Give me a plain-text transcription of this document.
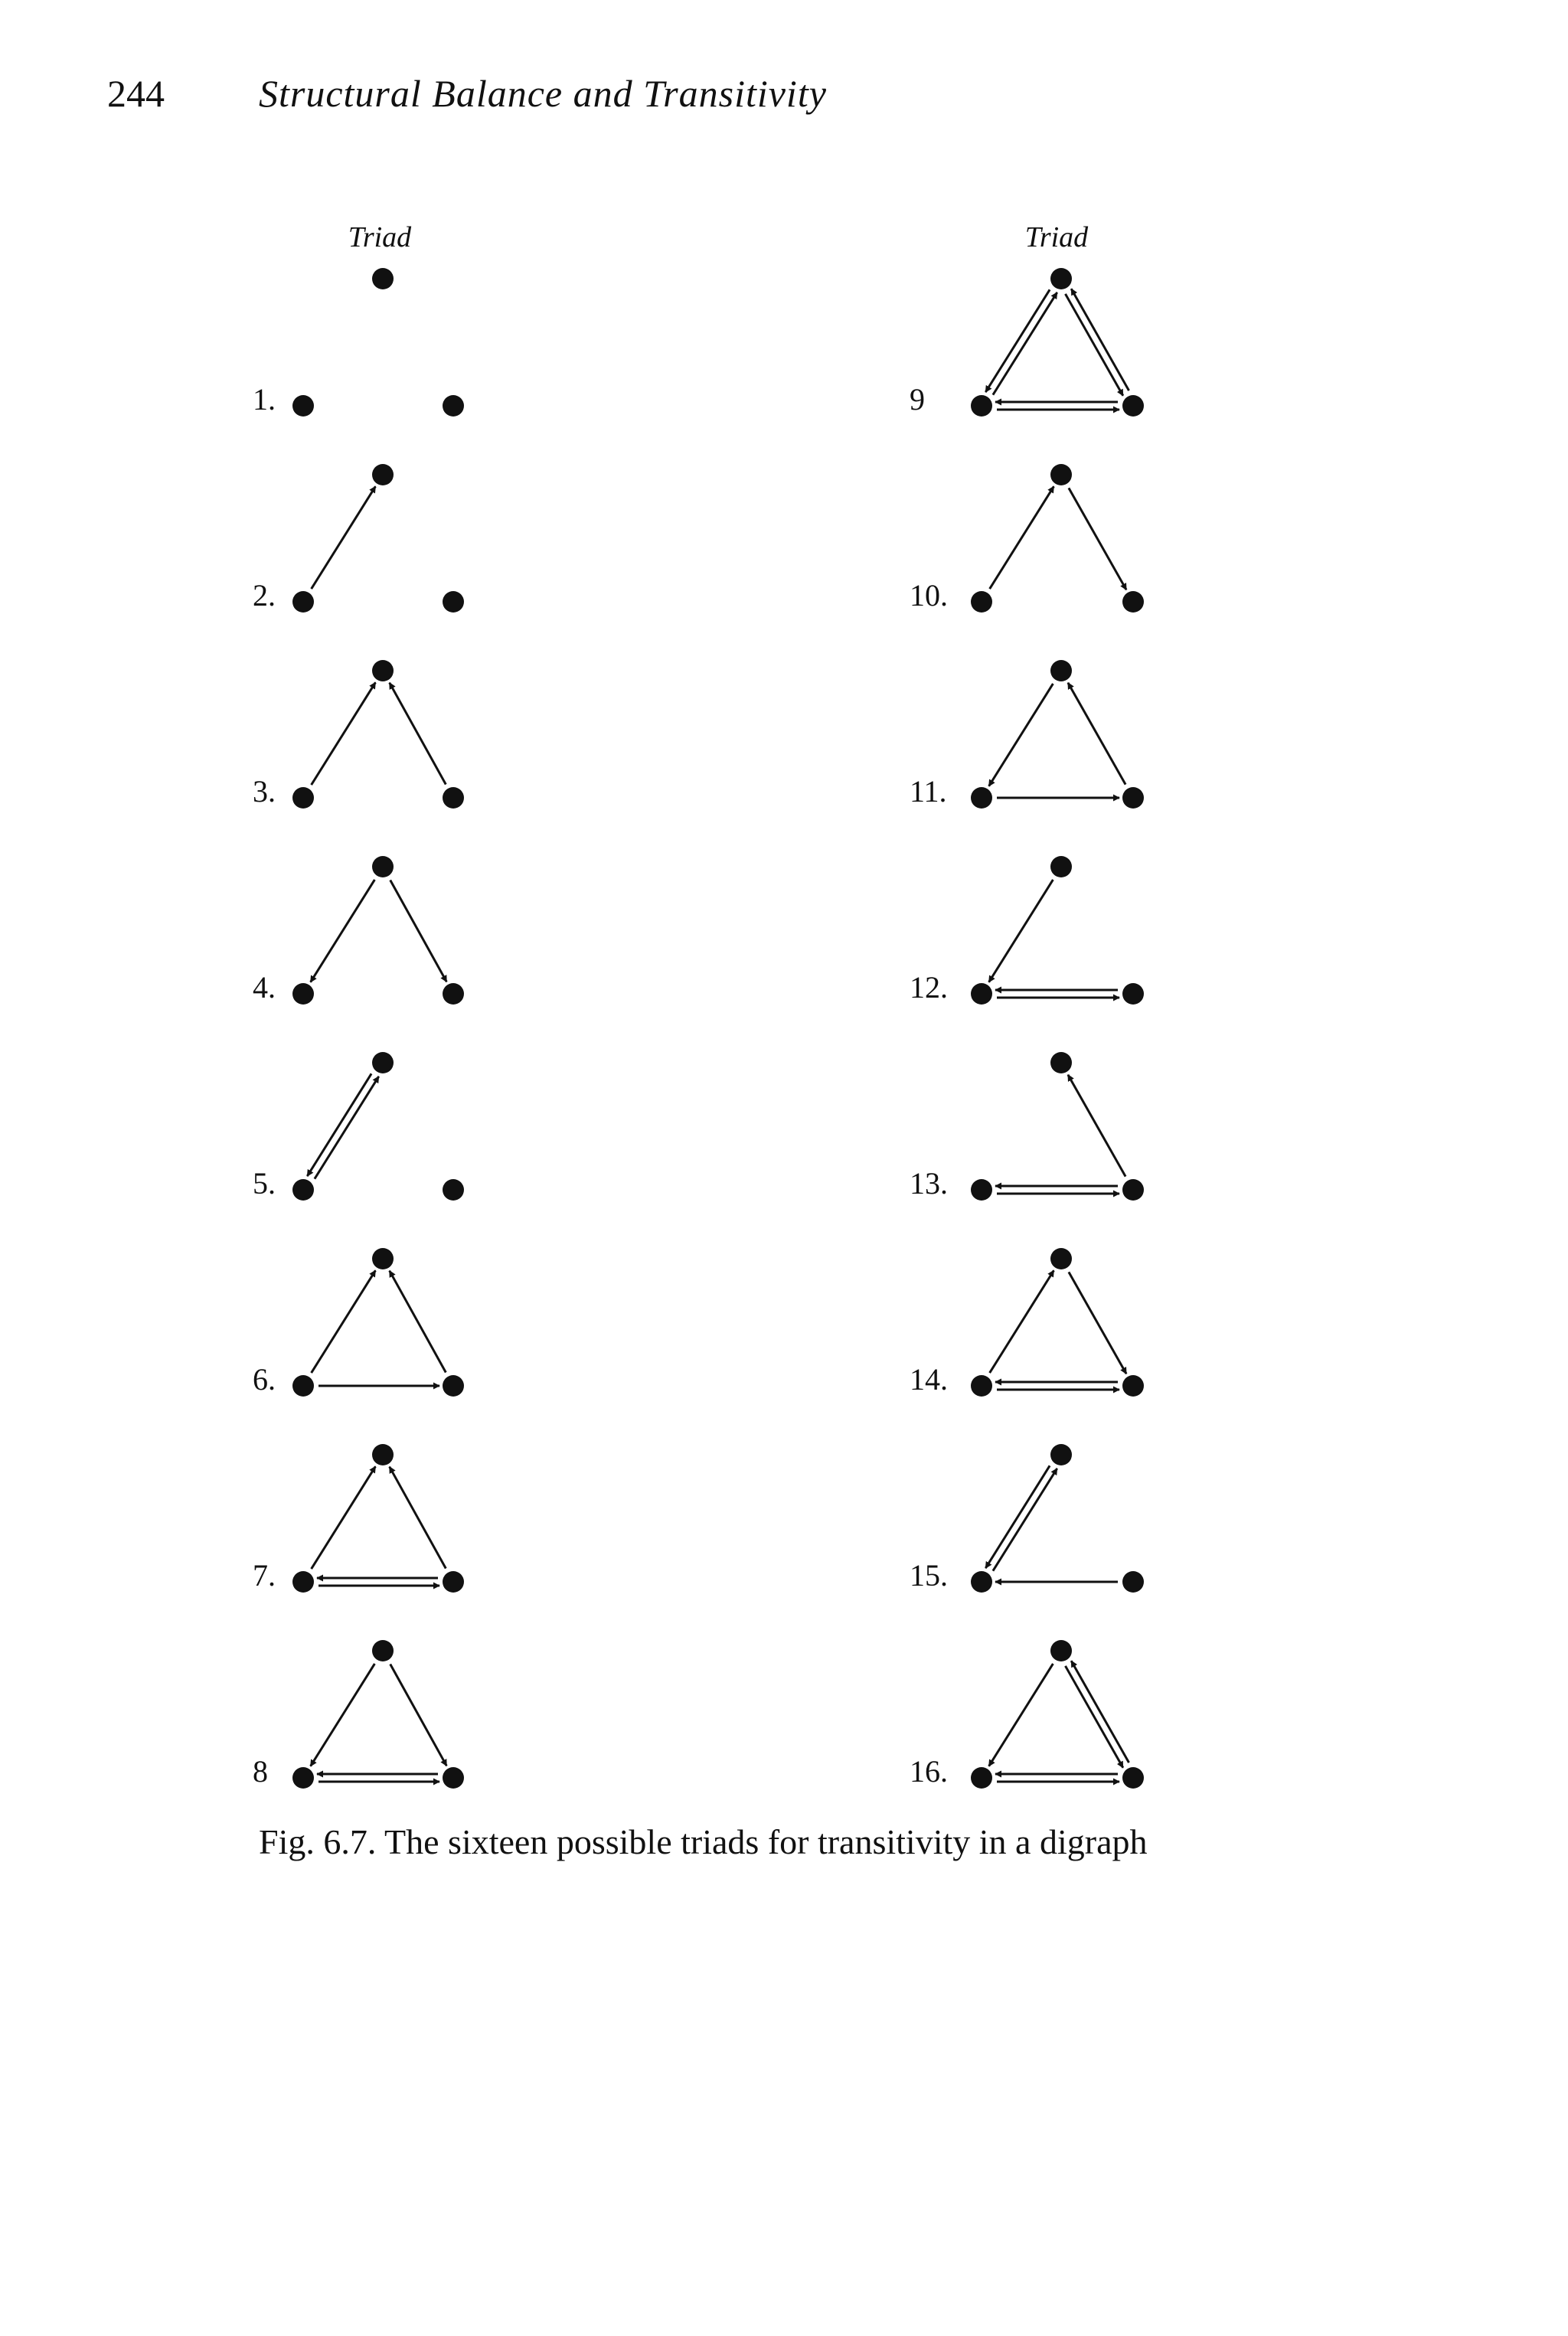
244 Structural Balance and Transitivity
Triad	Triad
1.
2.
3.
4.
5.
6.
7.
8
9
10.
11.
12.
13.
14.
15.
16.
Fig. 6.7. The sixteen possible triads for transitivity in a digraph
